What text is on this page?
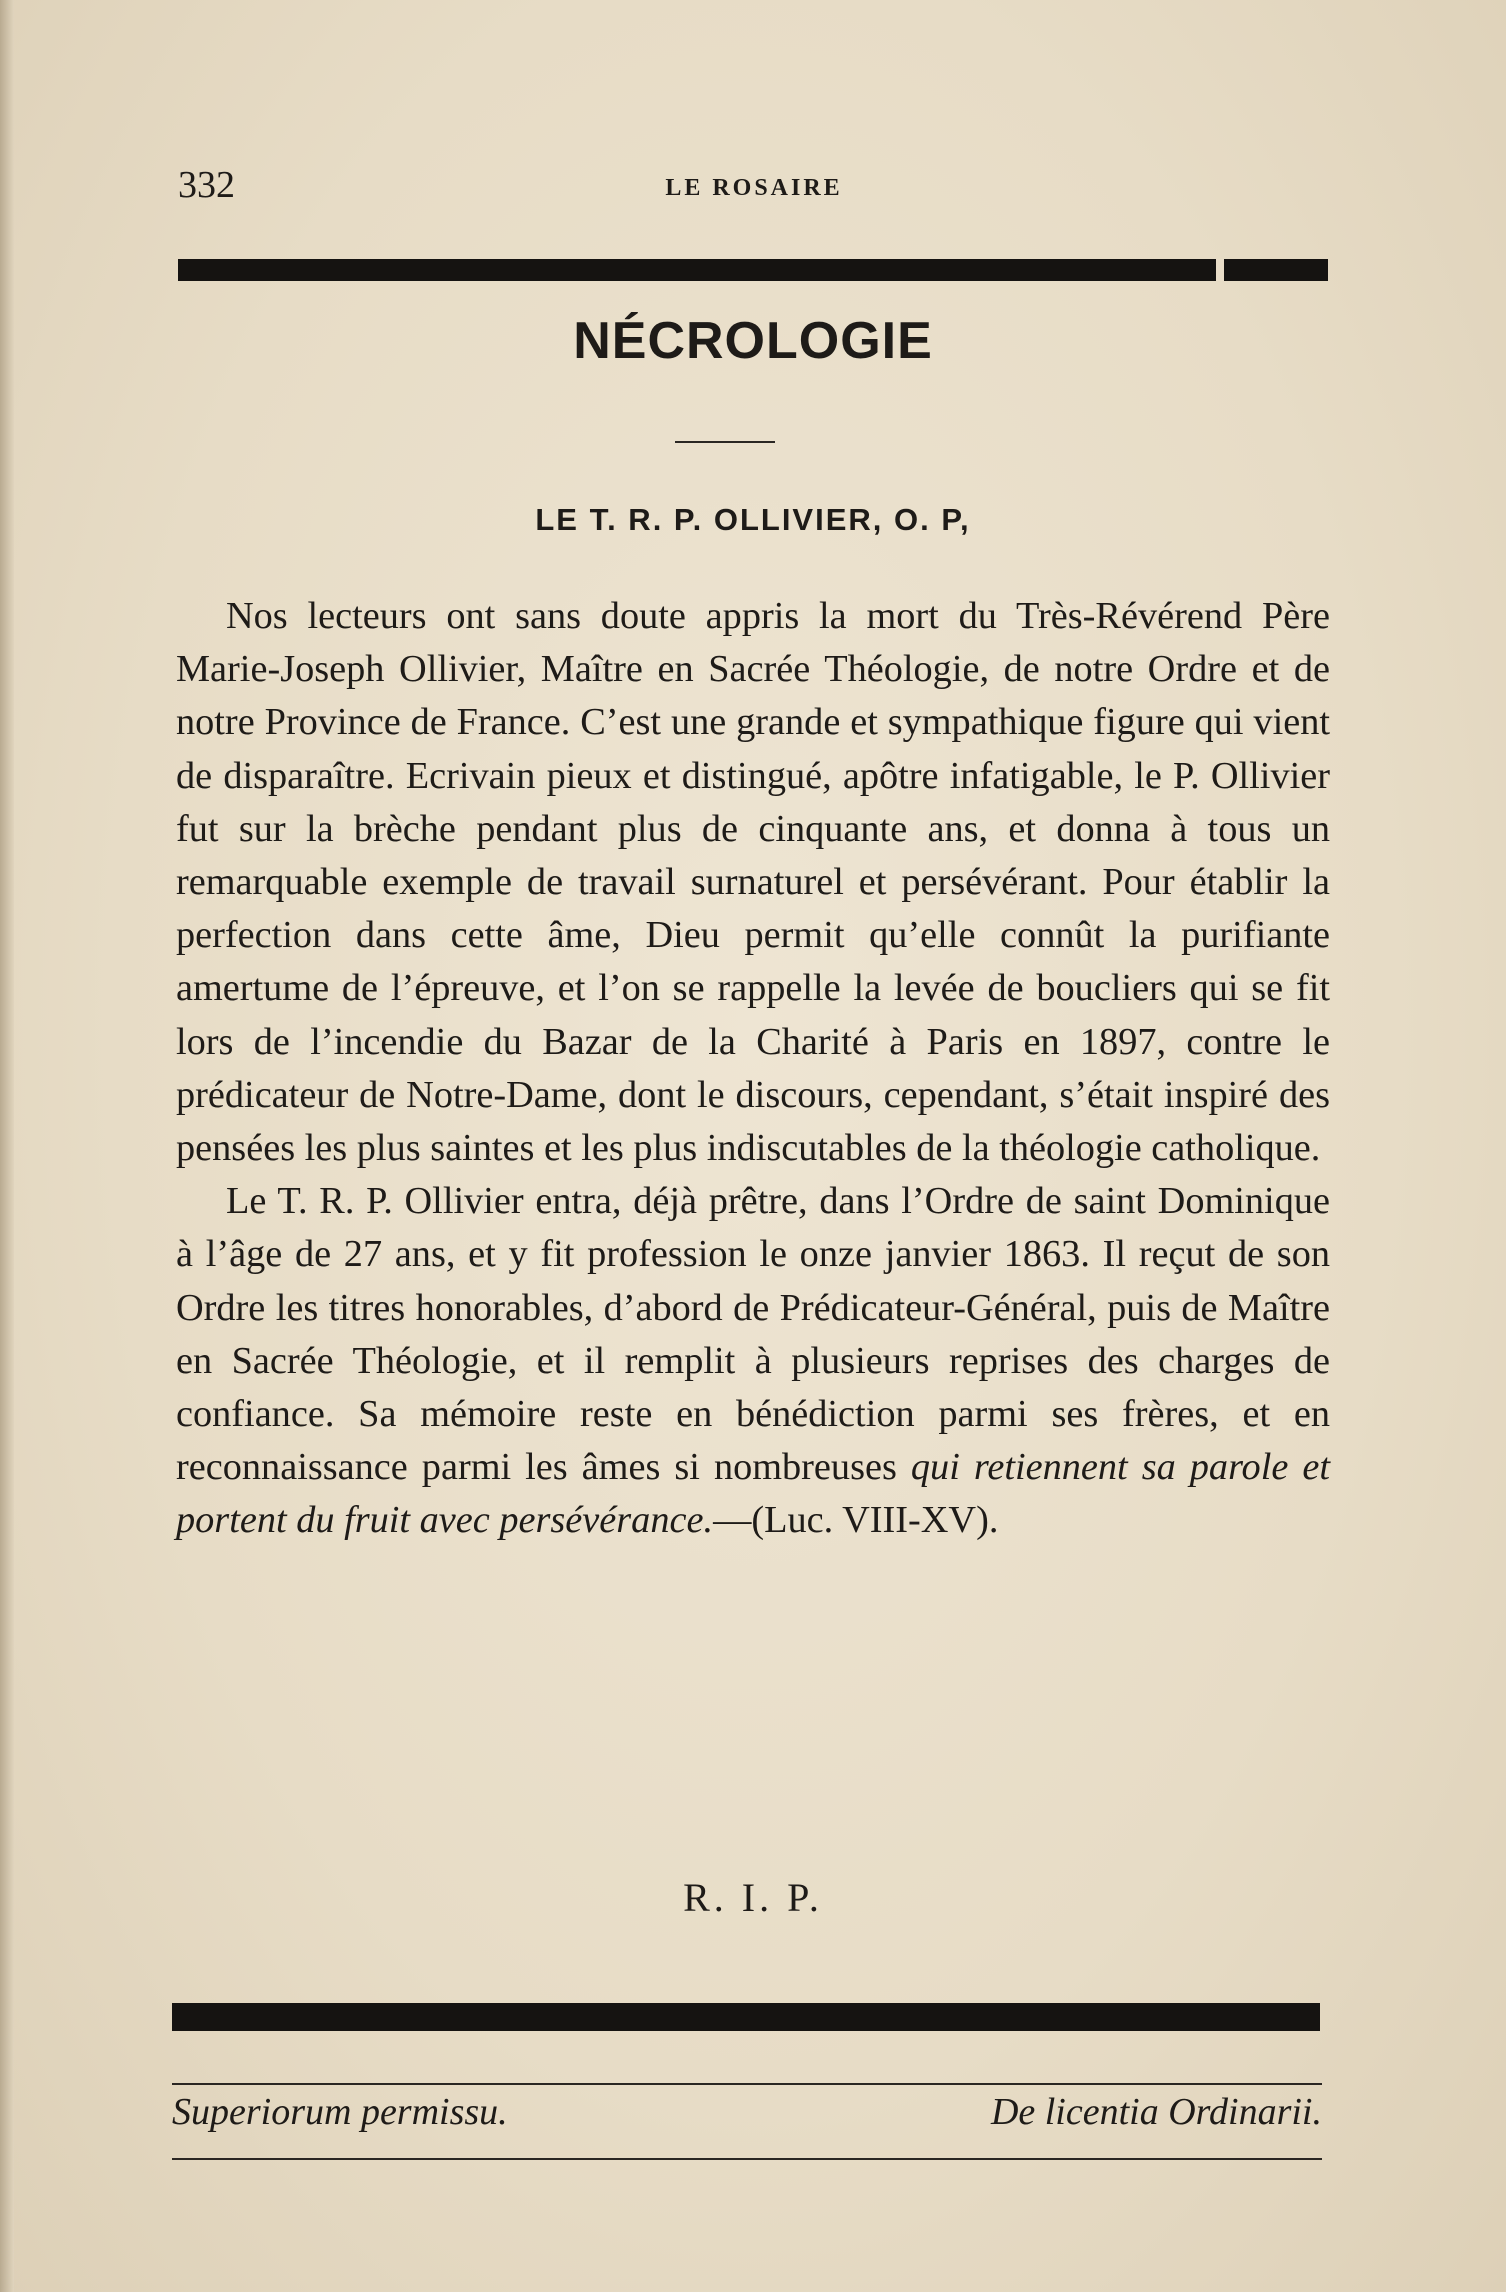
332	LE ROSAIRE
NÉCROLOGIE
LE T. R. P. OLLIVIER, O. P,

Nos lecteurs ont sans doute appris la mort du Très-Révérend Père Marie-Joseph Ollivier, Maître en Sacrée Théologie, de notre Ordre et de notre Province de France. C’est une grande et sympathique figure qui vient de disparaître. Ecrivain pieux et distingué, apôtre infatigable, le P. Ollivier fut sur la brèche pendant plus de cinquante ans, et donna à tous un remarquable exemple de travail surnaturel et persévérant. Pour établir la perfection dans cette âme, Dieu permit qu’elle connût la purifiante amertume de l’épreuve, et l’on se rappelle la levée de boucliers qui se fit lors de l’incendie du Bazar de la Charité à Paris en 1897, contre le prédicateur de Notre-Dame, dont le discours, cependant, s’était inspiré des pensées les plus saintes et les plus indiscutables de la théologie catholique.

Le T. R. P. Ollivier entra, déjà prêtre, dans l’Ordre de saint Dominique à l’âge de 27 ans, et y fit profession le onze janvier 1863. Il reçut de son Ordre les titres honorables, d’abord de Prédicateur-Général, puis de Maître en Sacrée Théologie, et il remplit à plusieurs reprises des charges de confiance. Sa mémoire reste en bénédiction parmi ses frères, et en reconnaissance parmi les âmes si nombreuses qui retiennent sa parole et portent du fruit avec persévérance.—(Luc. VIII-XV).

R. I. P.
Superiorum permissu.	De licentia Ordinarii.
